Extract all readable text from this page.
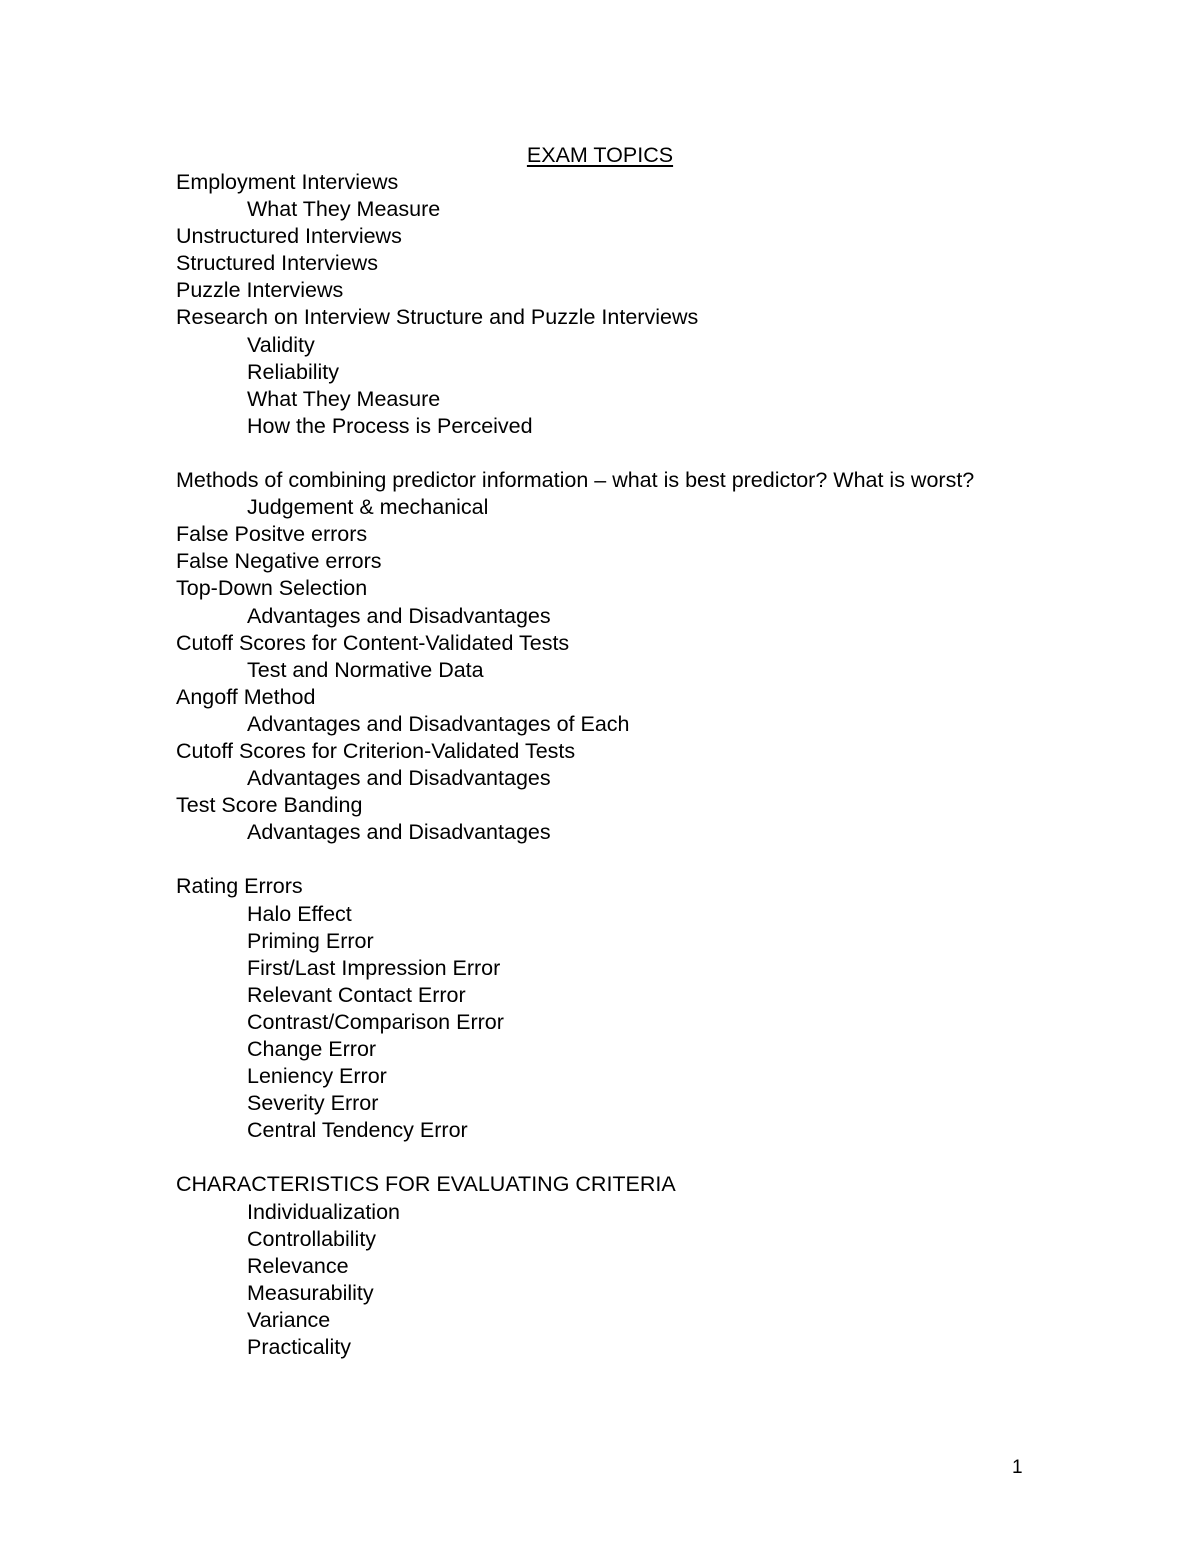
EXAM TOPICS
Employment Interviews
What They Measure
Unstructured Interviews
Structured Interviews
Puzzle Interviews
Research on Interview Structure and Puzzle Interviews
Validity
Reliability
What They Measure
How the Process is Perceived
Methods of combining predictor information – what is best predictor? What is worst?
Judgement & mechanical
False Positve errors
False Negative errors
Top-Down Selection
Advantages and Disadvantages
Cutoff Scores for Content-Validated Tests
Test and Normative Data
Angoff Method
Advantages and Disadvantages of Each
Cutoff Scores for Criterion-Validated Tests
Advantages and Disadvantages
Test Score Banding
Advantages and Disadvantages
Rating Errors
Halo Effect
Priming Error
First/Last Impression Error
Relevant Contact Error
Contrast/Comparison Error
Change Error
Leniency Error
Severity Error
Central Tendency Error
CHARACTERISTICS FOR EVALUATING CRITERIA
Individualization
Controllability
Relevance
Measurability
Variance
Practicality
1
